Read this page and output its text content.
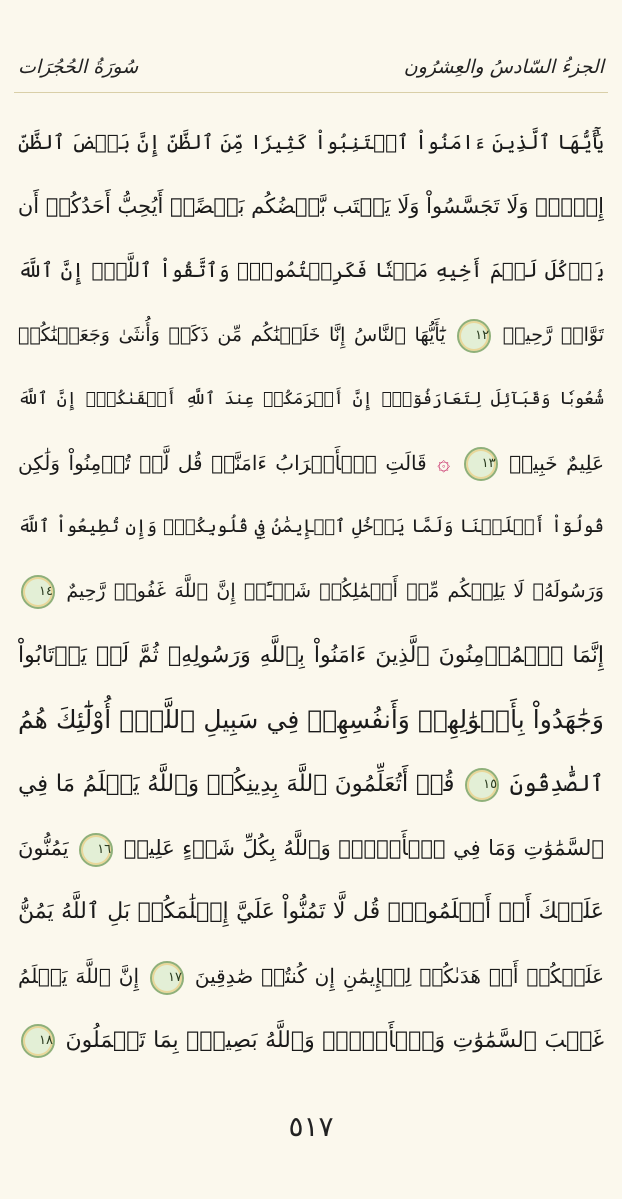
الجزءُ السّادسُ والعِشرُون
سُورَةُ الحُجُرَات
يَٰٓأَيُّهَا ٱلَّذِينَ ءَامَنُواْ ٱجۡتَنِبُواْ كَثِيرٗا مِّنَ ٱلظَّنِّ إِنَّ بَعۡضَ ٱلظَّنِّ
إِثۡمٞۖ وَلَا تَجَسَّسُواْ وَلَا يَغۡتَب بَّعۡضُكُم بَعۡضًاۚ أَيُحِبُّ أَحَدُكُمۡ أَن
يَأۡكُلَ لَحۡمَ أَخِيهِ مَيۡتٗا فَكَرِهۡتُمُوهُۚ وَٱتَّقُواْ ٱللَّهَۚ إِنَّ ٱللَّهَ
تَوَّابٞ رَّحِيمٞ ١٢ يَٰٓأَيُّهَا ٱلنَّاسُ إِنَّا خَلَقۡنَٰكُم مِّن ذَكَرٖ وَأُنثَىٰ وَجَعَلۡنَٰكُمۡ
شُعُوبٗا وَقَبَآئِلَ لِتَعَارَفُوٓاْۚ إِنَّ أَكۡرَمَكُمۡ عِندَ ٱللَّهِ أَتۡقَىٰكُمۡۚ إِنَّ ٱللَّهَ
عَلِيمٌ خَبِيرٞ ١٣ ۞ قَالَتِ ٱلۡأَعۡرَابُ ءَامَنَّاۖ قُل لَّمۡ تُؤۡمِنُواْ وَلَٰكِن
قُولُوٓاْ أَسۡلَمۡنَا وَلَمَّا يَدۡخُلِ ٱلۡإِيمَٰنُ فِي قُلُوبِكُمۡۖ وَإِن تُطِيعُواْ ٱللَّهَ
وَرَسُولَهُۥ لَا يَلِتۡكُم مِّنۡ أَعۡمَٰلِكُمۡ شَيۡـًٔاۚ إِنَّ ٱللَّهَ غَفُورٞ رَّحِيمٌ ١٤
إِنَّمَا ٱلۡمُؤۡمِنُونَ ٱلَّذِينَ ءَامَنُواْ بِٱللَّهِ وَرَسُولِهِۦ ثُمَّ لَمۡ يَرۡتَابُواْ
وَجَٰهَدُواْ بِأَمۡوَٰلِهِمۡ وَأَنفُسِهِمۡ فِي سَبِيلِ ٱللَّهِۚ أُوْلَٰٓئِكَ هُمُ
ٱلصَّٰدِقُونَ ١٥ قُلۡ أَتُعَلِّمُونَ ٱللَّهَ بِدِينِكُمۡ وَٱللَّهُ يَعۡلَمُ مَا فِي
ٱلسَّمَٰوَٰتِ وَمَا فِي ٱلۡأَرۡضِۚ وَٱللَّهُ بِكُلِّ شَيۡءٍ عَلِيمٞ ١٦ يَمُنُّونَ
عَلَيۡكَ أَنۡ أَسۡلَمُواْۖ قُل لَّا تَمُنُّواْ عَلَيَّ إِسۡلَٰمَكُمۖ بَلِ ٱللَّهُ يَمُنُّ
عَلَيۡكُمۡ أَنۡ هَدَىٰكُمۡ لِلۡإِيمَٰنِ إِن كُنتُمۡ صَٰدِقِينَ ١٧ إِنَّ ٱللَّهَ يَعۡلَمُ
غَيۡبَ ٱلسَّمَٰوَٰتِ وَٱلۡأَرۡضِۚ وَٱللَّهُ بَصِيرُۢ بِمَا تَعۡمَلُونَ ١٨
٥١٧
